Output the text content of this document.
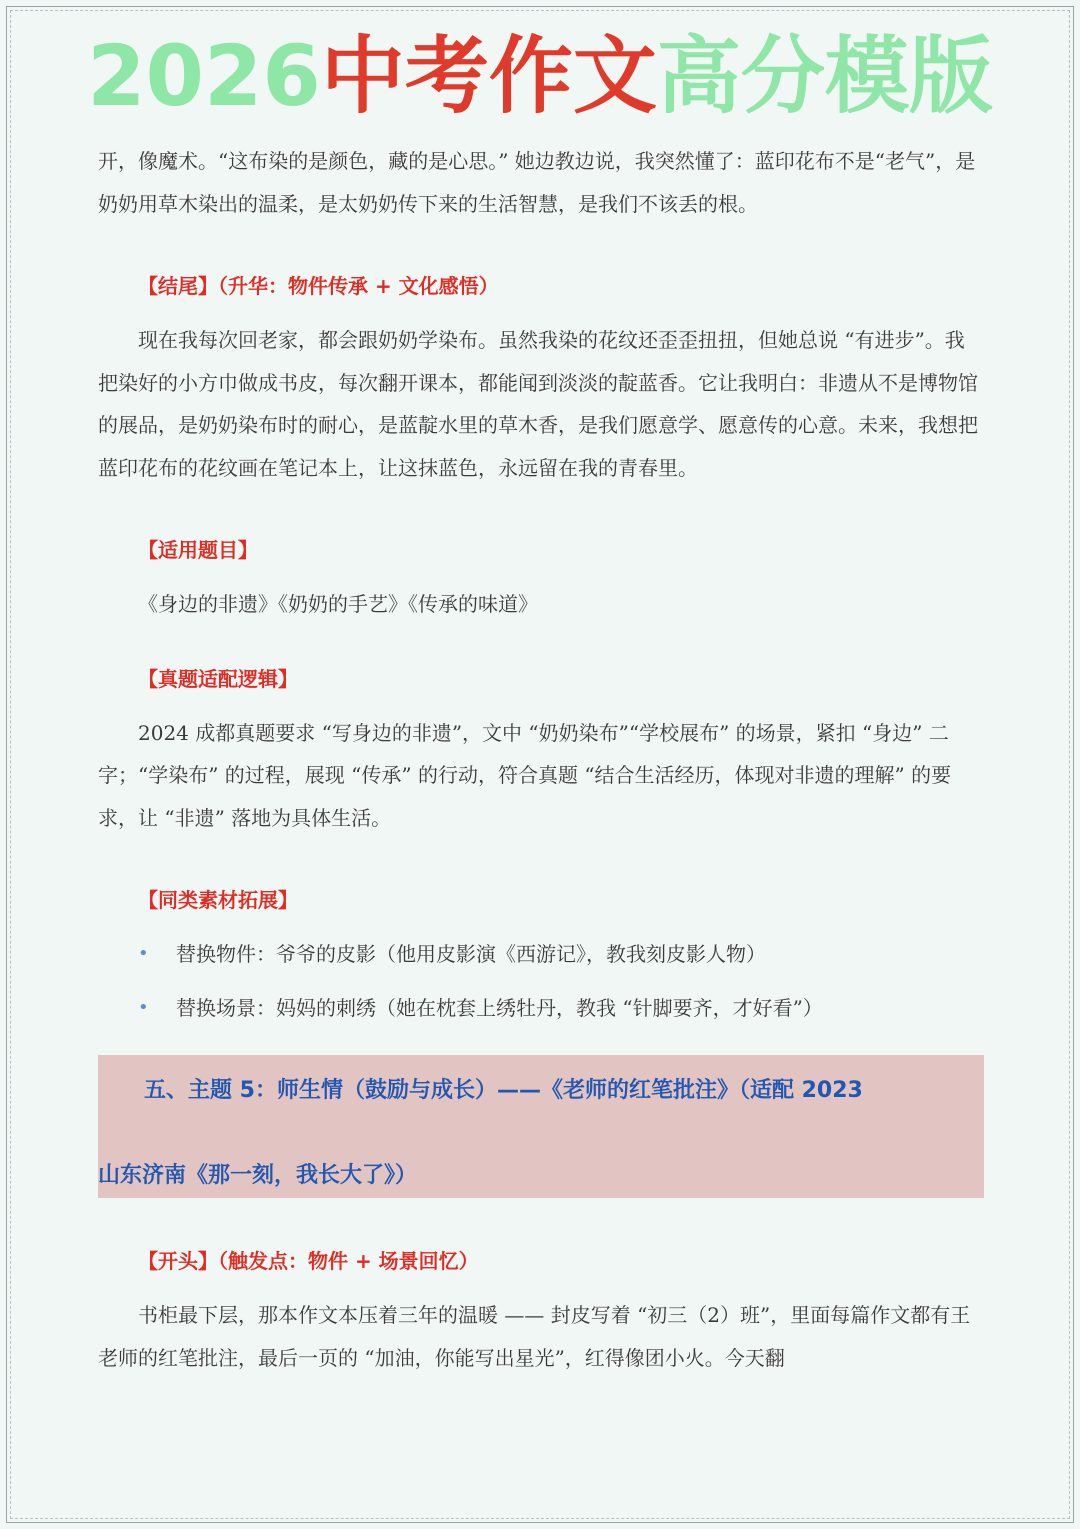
2026中考作文高分模版

开，像魔术。“这布染的是颜色，藏的是心思。” 她边教边说，我突然懂了：蓝印花布不是“老气”，是奶奶用草木染出的温柔，是太奶奶传下来的生活智慧，是我们不该丢的根。

【结尾】（升华：物件传承 + 文化感悟）

现在我每次回老家，都会跟奶奶学染布。虽然我染的花纹还歪歪扭扭，但她总说 “有进步”。我把染好的小方巾做成书皮，每次翻开课本，都能闻到淡淡的靛蓝香。它让我明白：非遗从不是博物馆的展品，是奶奶染布时的耐心，是蓝靛水里的草木香，是我们愿意学、愿意传的心意。未来，我想把蓝印花布的花纹画在笔记本上，让这抹蓝色，永远留在我的青春里。

【适用题目】

《身边的非遗》《奶奶的手艺》《传承的味道》

【真题适配逻辑】

2024 成都真题要求 “写身边的非遗”，文中 “奶奶染布”“学校展布” 的场景，紧扣 “身边” 二字；“学染布” 的过程，展现 “传承” 的行动，符合真题 “结合生活经历，体现对非遗的理解” 的要求，让 “非遗” 落地为具体生活。

【同类素材拓展】
• 替换物件：爷爷的皮影（他用皮影演《西游记》，教我刻皮影人物）
• 替换场景：妈妈的刺绣（她在枕套上绣牡丹，教我 “针脚要齐，才好看”）
五、主题 5：师生情（鼓励与成长）——《老师的红笔批注》（适配 2023
山东济南《那一刻，我长大了》）
【开头】（触发点：物件 + 场景回忆）

书柜最下层，那本作文本压着三年的温暖 —— 封皮写着 “初三（2）班”，里面每篇作文都有王老师的红笔批注，最后一页的 “加油，你能写出星光”，红得像团小火。今天翻
